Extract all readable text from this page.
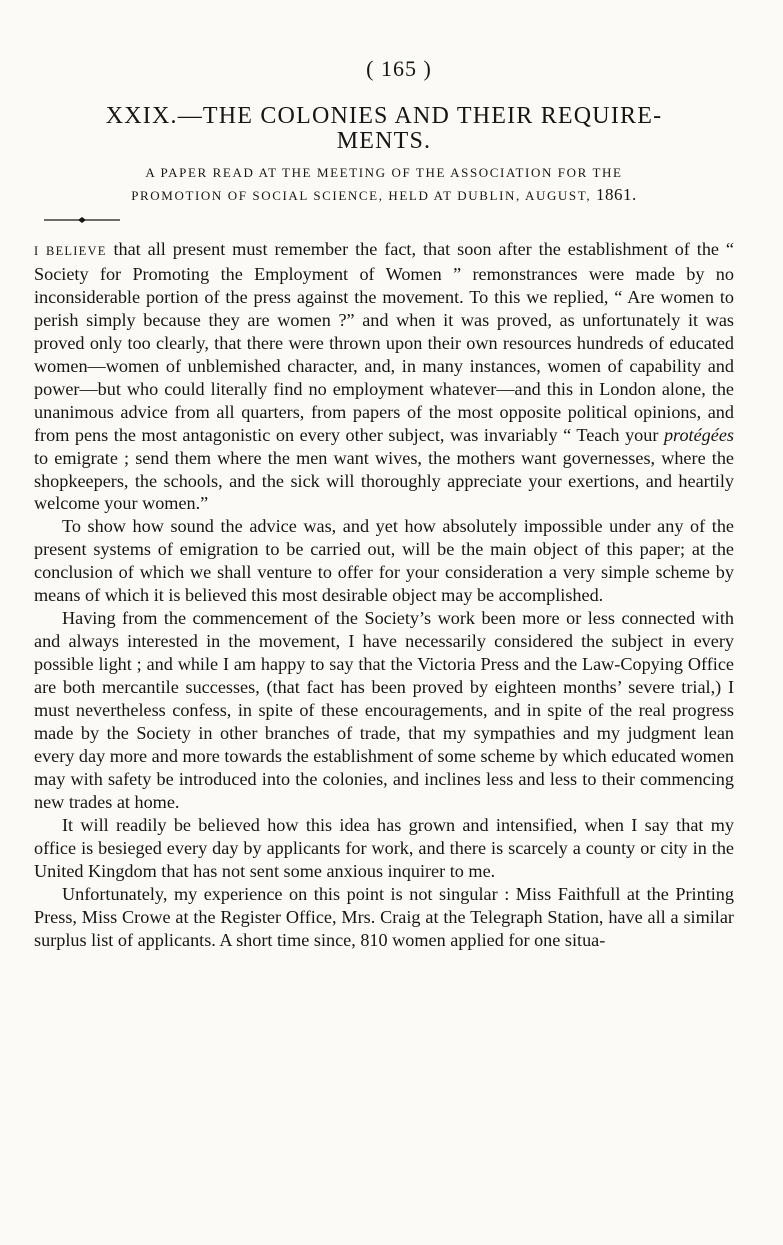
( 165 )
XXIX.—THE COLONIES AND THEIR REQUIRE-
MENTS.
A PAPER READ AT THE MEETING OF THE ASSOCIATION FOR THE
PROMOTION OF SOCIAL SCIENCE, HELD AT DUBLIN, AUGUST, 1861.

I BELIEVE that all present must remember the fact, that soon after the establishment of the “ Society for Promoting the Employment of Women ” remonstrances were made by no inconsiderable portion of the press against the movement. To this we replied, “ Are women to perish simply because they are women ?” and when it was proved, as unfortunately it was proved only too clearly, that there were thrown upon their own resources hundreds of educated women—women of unblemished character, and, in many instances, women of capability and power—but who could literally find no employment whatever—and this in London alone, the unanimous advice from all quarters, from papers of the most opposite political opinions, and from pens the most antagonistic on every other subject, was invariably “ Teach your protégées to emigrate ; send them where the men want wives, the mothers want governesses, where the shopkeepers, the schools, and the sick will thoroughly appreciate your exertions, and heartily welcome your women.”

To show how sound the advice was, and yet how absolutely impossible under any of the present systems of emigration to be carried out, will be the main object of this paper; at the conclusion of which we shall venture to offer for your consideration a very simple scheme by means of which it is believed this most desirable object may be accomplished.

Having from the commencement of the Society’s work been more or less connected with and always interested in the movement, I have necessarily considered the subject in every possible light ; and while I am happy to say that the Victoria Press and the Law-Copying Office are both mercantile successes, (that fact has been proved by eighteen months’ severe trial,) I must nevertheless confess, in spite of these encouragements, and in spite of the real progress made by the Society in other branches of trade, that my sympathies and my judgment lean every day more and more towards the establishment of some scheme by which educated women may with safety be introduced into the colonies, and inclines less and less to their commencing new trades at home.

It will readily be believed how this idea has grown and intensified, when I say that my office is besieged every day by applicants for work, and there is scarcely a county or city in the United Kingdom that has not sent some anxious inquirer to me.

Unfortunately, my experience on this point is not singular : Miss Faithfull at the Printing Press, Miss Crowe at the Register Office, Mrs. Craig at the Telegraph Station, have all a similar surplus list of applicants. A short time since, 810 women applied for one situa-
